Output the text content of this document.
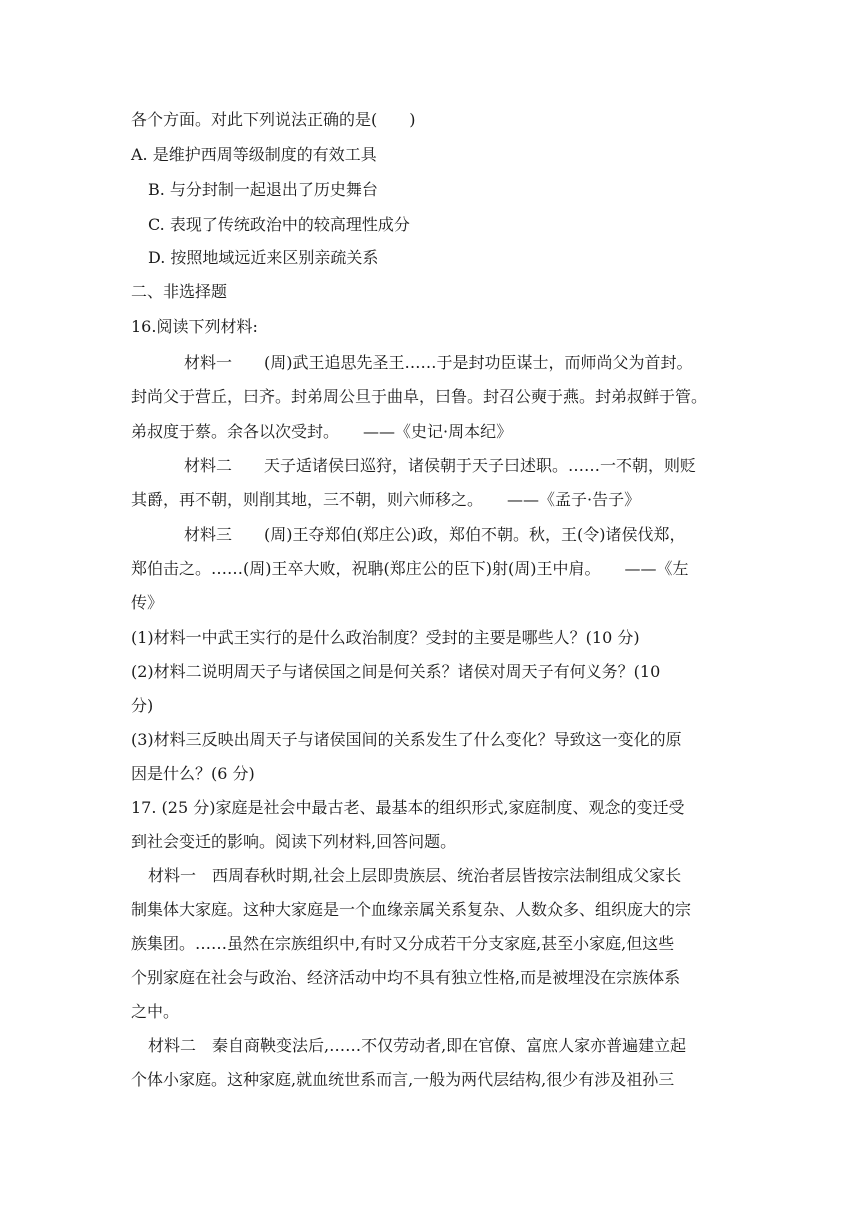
各个方面。对此下列说法正确的是(　　)
A. 是维护西周等级制度的有效工具
B. 与分封制一起退出了历史舞台
C. 表现了传统政治中的较高理性成分
D. 按照地域远近来区别亲疏关系
二、非选择题
16.阅读下列材料:
材料一　　(周)武王追思先圣王……于是封功臣谋士，而师尚父为首封。
封尚父于营丘，曰齐。封弟周公旦于曲阜，曰鲁。封召公奭于燕。封弟叔鲜于管。
弟叔度于蔡。余各以次受封。　　——《史记·周本纪》
材料二　　天子适诸侯曰巡狩，诸侯朝于天子曰述职。……一不朝，则贬
其爵，再不朝，则削其地，三不朝，则六师移之。　　——《孟子·告子》
材料三　　(周)王夺郑伯(郑庄公)政，郑伯不朝。秋，王(令)诸侯伐郑，
郑伯击之。……(周)王卒大败，祝聃(郑庄公的臣下)射(周)王中肩。　　——《左
传》
(1)材料一中武王实行的是什么政治制度？受封的主要是哪些人？(10 分)
(2)材料二说明周天子与诸侯国之间是何关系？诸侯对周天子有何义务？(10
分)
(3)材料三反映出周天子与诸侯国间的关系发生了什么变化？导致这一变化的原
因是什么？(6 分)
17. (25 分)家庭是社会中最古老、最基本的组织形式,家庭制度、观念的变迁受
到社会变迁的影响。阅读下列材料,回答问题。
材料一　西周春秋时期,社会上层即贵族层、统治者层皆按宗法制组成父家长
制集体大家庭。这种大家庭是一个血缘亲属关系复杂、人数众多、组织庞大的宗
族集团。……虽然在宗族组织中,有时又分成若干分支家庭,甚至小家庭,但这些
个别家庭在社会与政治、经济活动中均不具有独立性格,而是被埋没在宗族体系
之中。
材料二　秦自商鞅变法后,……不仅劳动者,即在官僚、富庶人家亦普遍建立起
个体小家庭。这种家庭,就血统世系而言,一般为两代层结构,很少有涉及祖孙三
